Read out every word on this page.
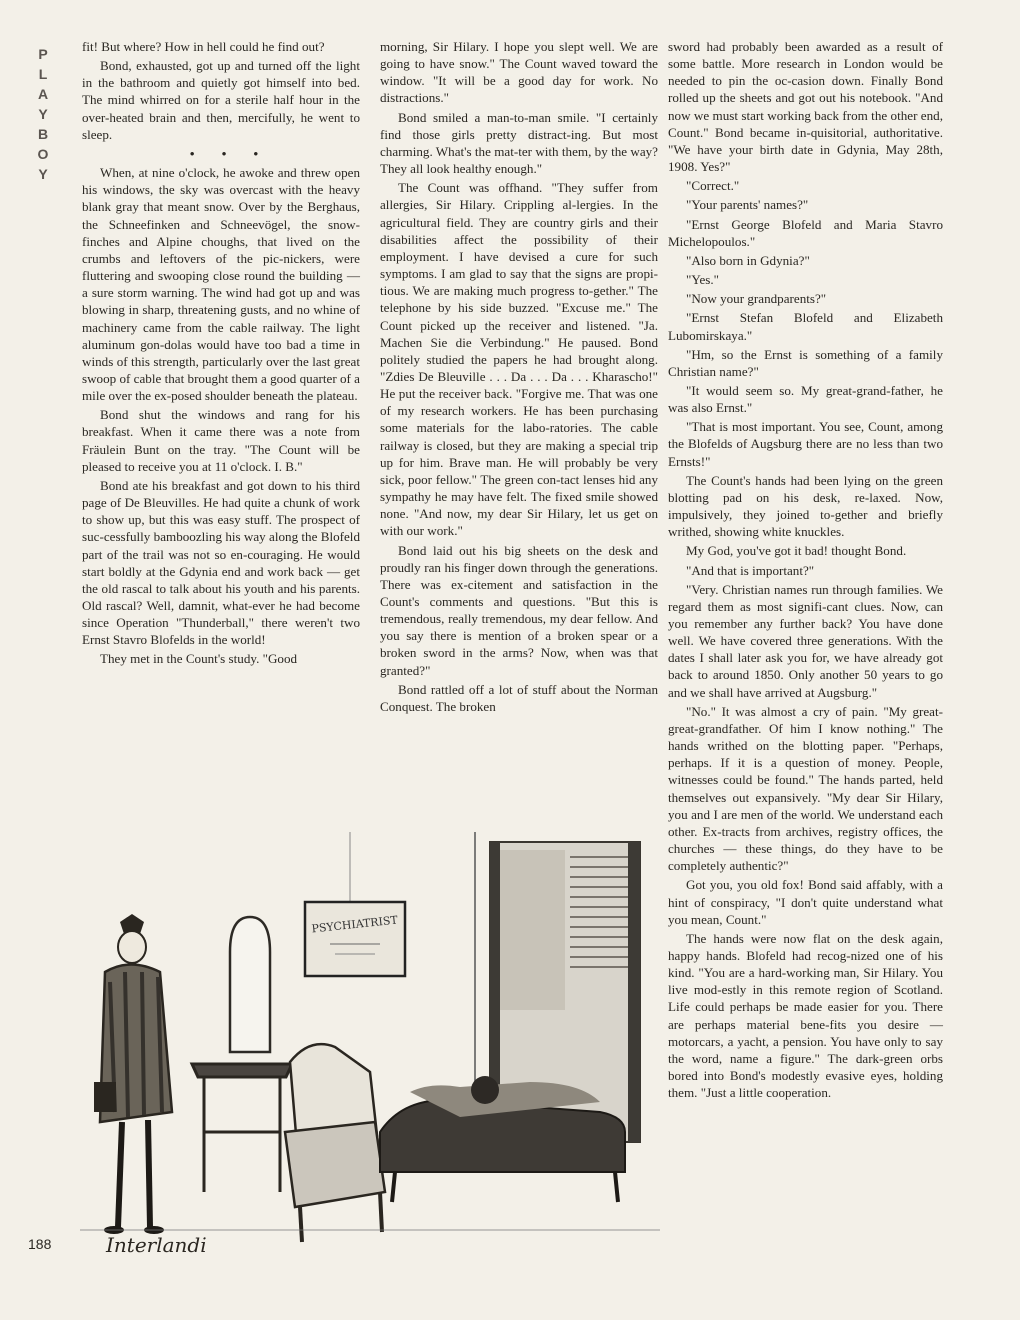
P
L
A
Y
B
O
Y

fit! But where? How in hell could he find out?

Bond, exhausted, got up and turned off the light in the bathroom and quietly got himself into bed. The mind whirred on for a sterile half hour in the over-heated brain and then, mercifully, he went to sleep.

• • •

When, at nine o'clock, he awoke and threw open his windows, the sky was overcast with the heavy blank gray that meant snow. Over by the Berghaus, the Schneefinken and Schneevögel, the snow-finches and Alpine choughs, that lived on the crumbs and leftovers of the pic-nickers, were fluttering and swooping close round the building — a sure storm warning. The wind had got up and was blowing in sharp, threatening gusts, and no whine of machinery came from the cable railway. The light aluminum gon-dolas would have too bad a time in winds of this strength, particularly over the last great swoop of cable that brought them a good quarter of a mile over the ex-posed shoulder beneath the plateau.

Bond shut the windows and rang for his breakfast. When it came there was a note from Fräulein Bunt on the tray. "The Count will be pleased to receive you at 11 o'clock. I. B."

Bond ate his breakfast and got down to his third page of De Bleuvilles. He had quite a chunk of work to show up, but this was easy stuff. The prospect of suc-cessfully bamboozling his way along the Blofeld part of the trail was not so en-couraging. He would start boldly at the Gdynia end and work back — get the old rascal to talk about his youth and his parents. Old rascal? Well, damnit, what-ever he had become since Operation "Thunderball," there weren't two Ernst Stavro Blofelds in the world!

They met in the Count's study. "Good

morning, Sir Hilary. I hope you slept well. We are going to have snow." The Count waved toward the window. "It will be a good day for work. No distractions."

Bond smiled a man-to-man smile. "I certainly find those girls pretty distract-ing. But most charming. What's the mat-ter with them, by the way? They all look healthy enough."

The Count was offhand. "They suffer from allergies, Sir Hilary. Crippling al-lergies. In the agricultural field. They are country girls and their disabilities affect the possibility of their employment. I have devised a cure for such symptoms. I am glad to say that the signs are propi-tious. We are making much progress to-gether." The telephone by his side buzzed. "Excuse me." The Count picked up the receiver and listened. "Ja. Machen Sie die Verbindung." He paused. Bond politely studied the papers he had brought along. "Zdies De Bleuville . . . Da . . . Da . . . Kharascho!" He put the receiver back. "Forgive me. That was one of my research workers. He has been purchasing some materials for the labo-ratories. The cable railway is closed, but they are making a special trip up for him. Brave man. He will probably be very sick, poor fellow." The green con-tact lenses hid any sympathy he may have felt. The fixed smile showed none. "And now, my dear Sir Hilary, let us get on with our work."

Bond laid out his big sheets on the desk and proudly ran his finger down through the generations. There was ex-citement and satisfaction in the Count's comments and questions. "But this is tremendous, really tremendous, my dear fellow. And you say there is mention of a broken spear or a broken sword in the arms? Now, when was that granted?"

Bond rattled off a lot of stuff about the Norman Conquest. The broken

sword had probably been awarded as a result of some battle. More research in London would be needed to pin the oc-casion down. Finally Bond rolled up the sheets and got out his notebook. "And now we must start working back from the other end, Count." Bond became in-quisitorial, authoritative. "We have your birth date in Gdynia, May 28th, 1908. Yes?"

"Correct."

"Your parents' names?"

"Ernst George Blofeld and Maria Stavro Michelopoulos."

"Also born in Gdynia?"

"Yes."

"Now your grandparents?"

"Ernst Stefan Blofeld and Elizabeth Lubomirskaya."

"Hm, so the Ernst is something of a family Christian name?"

"It would seem so. My great-grand-father, he was also Ernst."

"That is most important. You see, Count, among the Blofelds of Augsburg there are no less than two Ernsts!"

The Count's hands had been lying on the green blotting pad on his desk, re-laxed. Now, impulsively, they joined to-gether and briefly writhed, showing white knuckles.

My God, you've got it bad! thought Bond.

"And that is important?"

"Very. Christian names run through families. We regard them as most signifi-cant clues. Now, can you remember any further back? You have done well. We have covered three generations. With the dates I shall later ask you for, we have already got back to around 1850. Only another 50 years to go and we shall have arrived at Augsburg."

"No." It was almost a cry of pain. "My great-great-grandfather. Of him I know nothing." The hands writhed on the blotting paper. "Perhaps, perhaps. If it is a question of money. People, witnesses could be found." The hands parted, held themselves out expansively. "My dear Sir Hilary, you and I are men of the world. We understand each other. Ex-tracts from archives, registry offices, the churches — these things, do they have to be completely authentic?"

Got you, you old fox! Bond said affably, with a hint of conspiracy, "I don't quite understand what you mean, Count."

The hands were now flat on the desk again, happy hands. Blofeld had recog-nized one of his kind. "You are a hard-working man, Sir Hilary. You live mod-estly in this remote region of Scotland. Life could perhaps be made easier for you. There are perhaps material bene-fits you desire — motorcars, a yacht, a pension. You have only to say the word, name a figure." The dark-green orbs bored into Bond's modestly evasive eyes, holding them. "Just a little cooperation.

PSYCHIATRIST
Interlandi
188
